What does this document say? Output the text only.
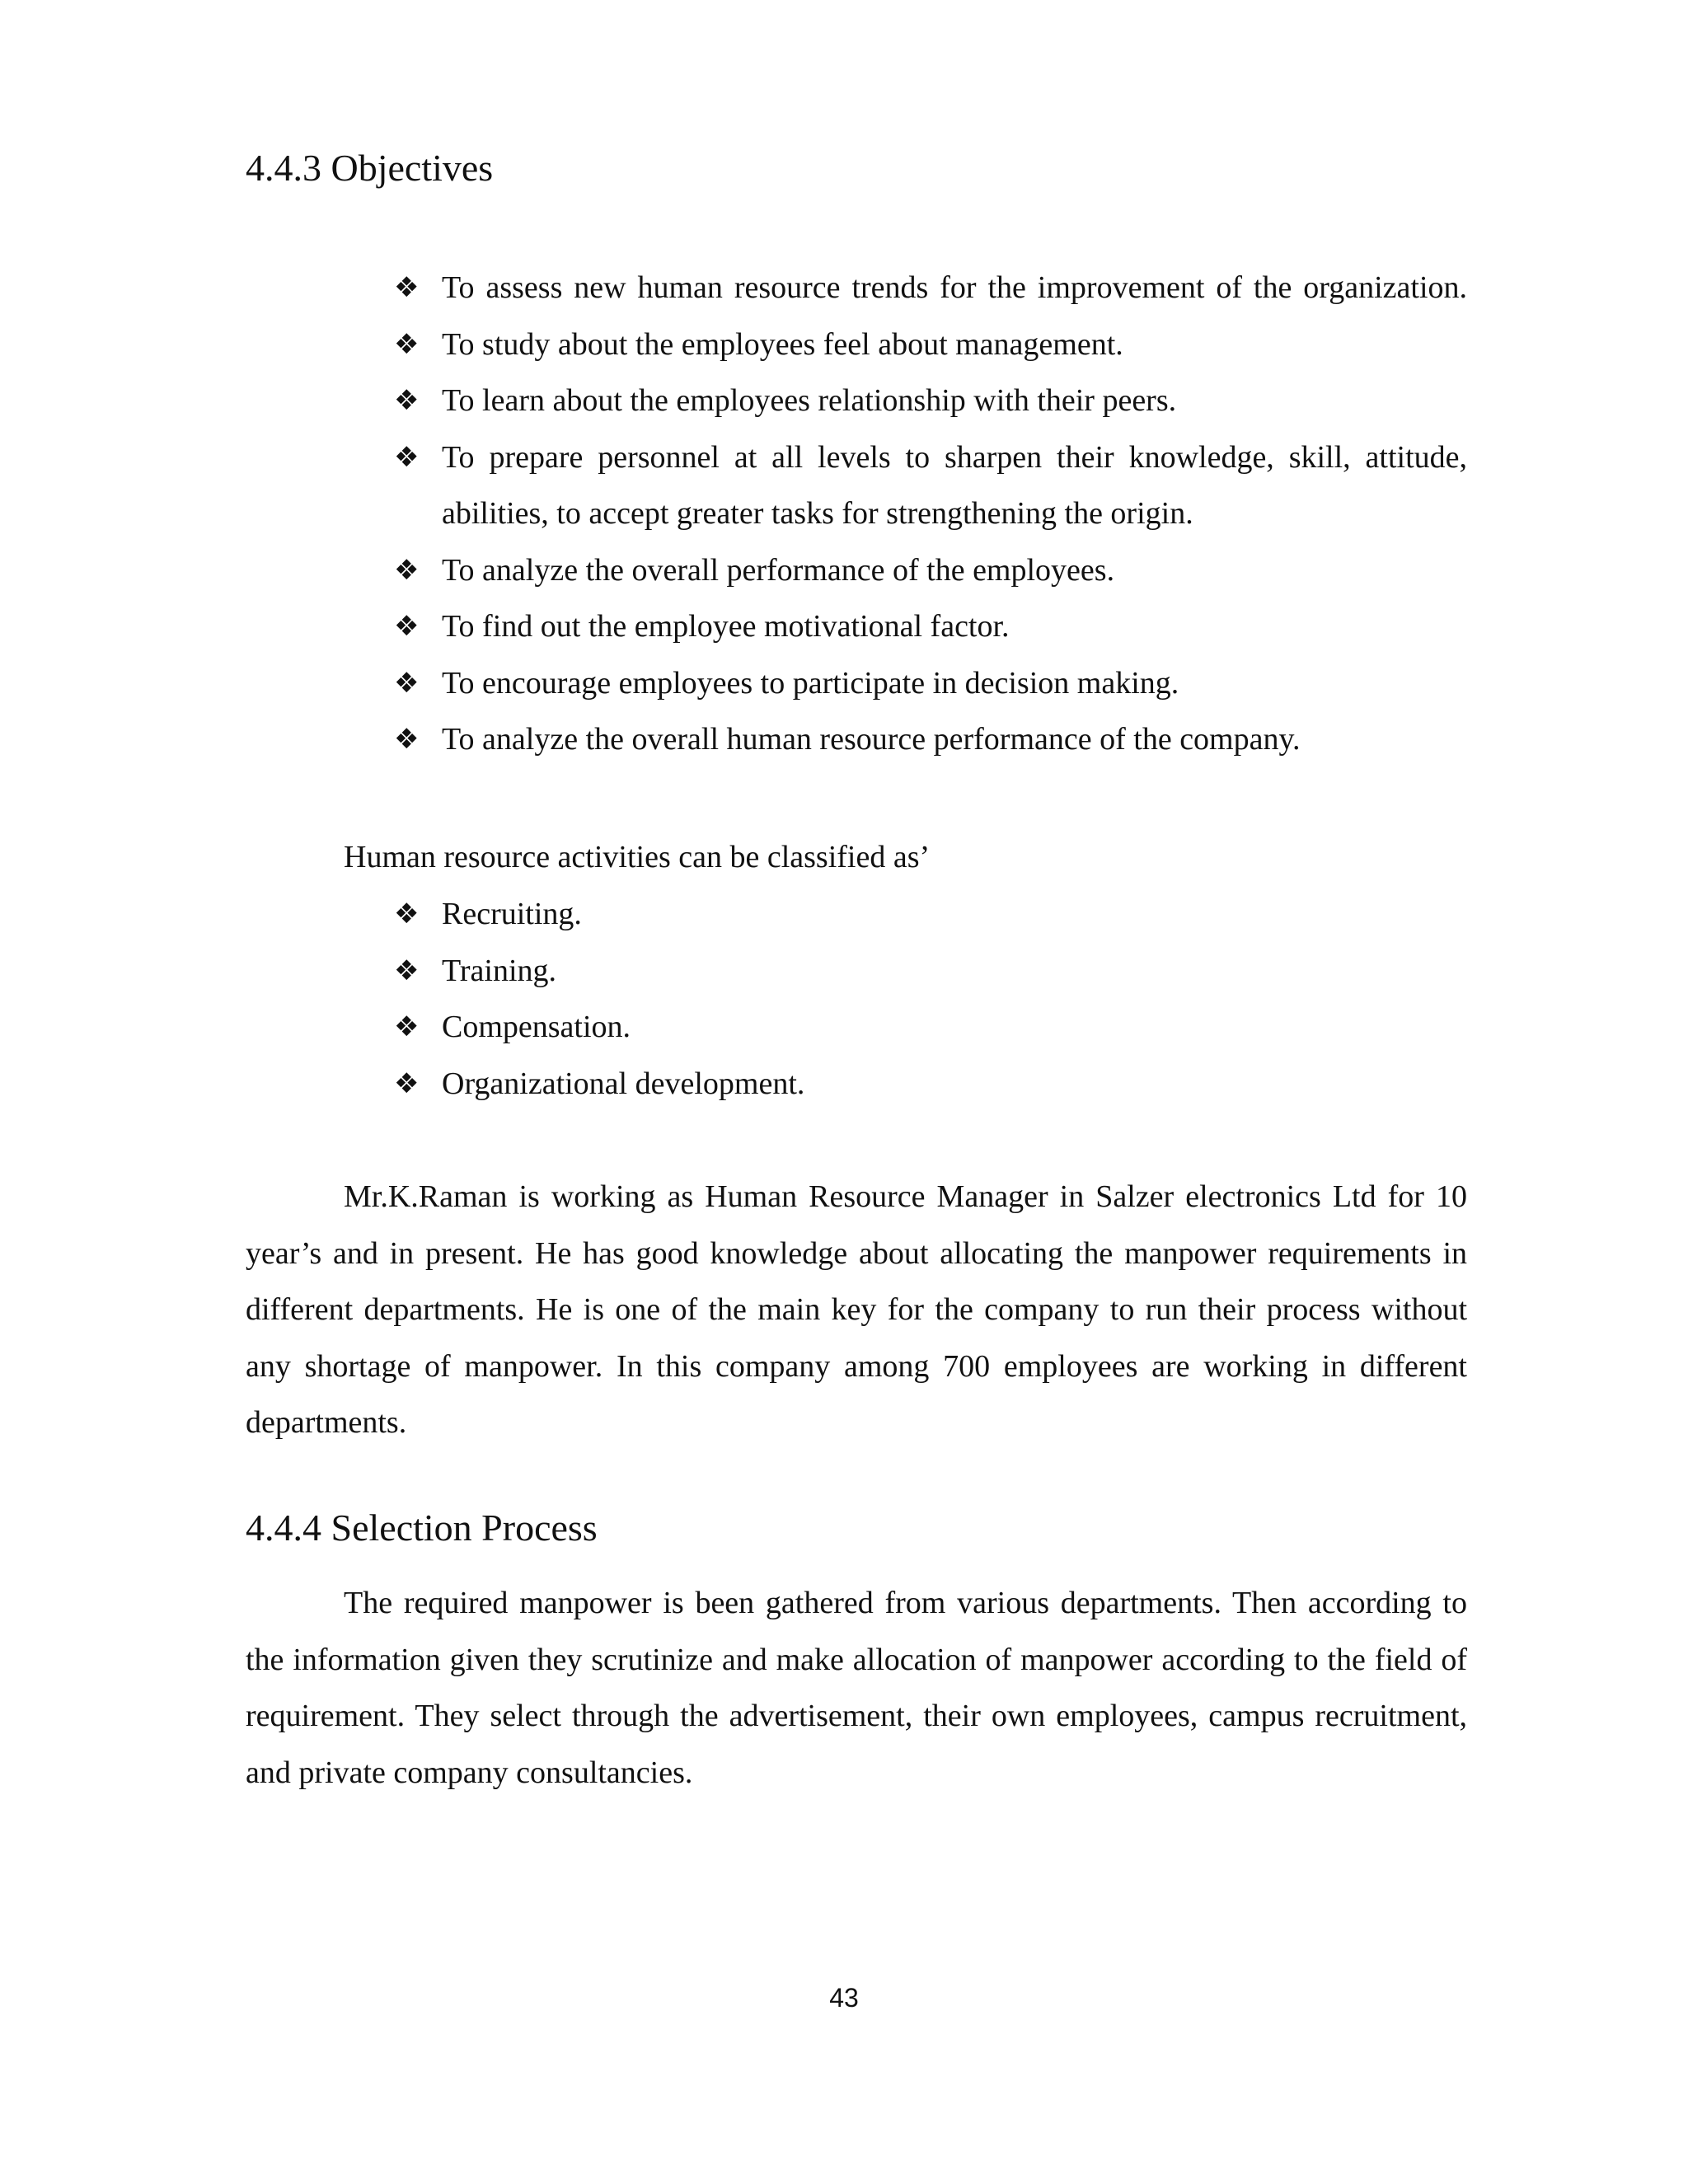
4.4.3 Objectives
❖ To assess new human resource trends for the improvement of the organization.
❖ To study about the employees feel about management.
❖ To learn about the employees relationship with their peers.
❖ To prepare personnel at all levels to sharpen their knowledge, skill, attitude, abilities, to accept greater tasks for strengthening the origin.
❖ To analyze the overall performance of the employees.
❖ To find out the employee motivational factor.
❖ To encourage employees to participate in decision making.
❖ To analyze the overall human resource performance of the company.

Human resource activities can be classified as’

❖ Recruiting.
❖ Training.
❖ Compensation.
❖ Organizational development.

Mr.K.Raman is working as Human Resource Manager in Salzer electronics Ltd for 10 year’s and in present. He has good knowledge about allocating the manpower requirements in different departments. He is one of the main key for the company to run their process without any shortage of manpower. In this company among 700 employees are working in different departments.

4.4.4 Selection Process

The required manpower is been gathered from various departments. Then according to the information given they scrutinize and make allocation of manpower according to the field of requirement. They select through the advertisement, their own employees, campus recruitment, and private company consultancies.

43
